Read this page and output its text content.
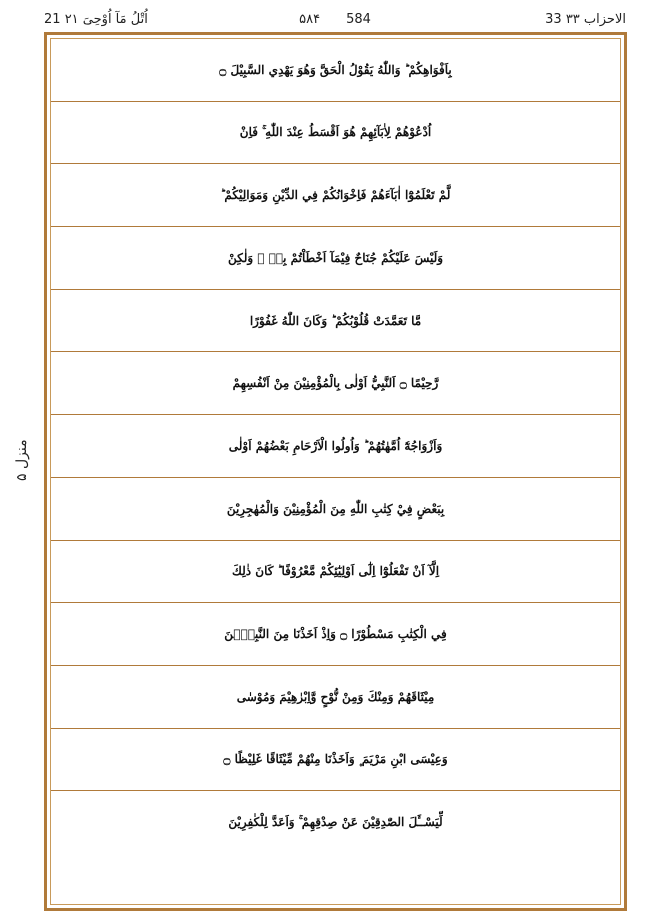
21 اُتْلُ مَآ اُوْحِیَ ۲۱	۵۸۴ 584	33 الاحزاب ۳۳
منزل ۵
بِاَفْوَاهِكُمْ ؕ وَاللّٰهُ يَقُوْلُ الْحَقَّ وَهُوَ يَهْدِي السَّبِيْلَ ۝
اُدْعُوْهُمْ لِاٰبَآئِهِمْ هُوَ اَقْسَطُ عِنْدَ اللّٰهِ ۚ فَاِنْ
لَّمْ تَعْلَمُوْٓا اٰبَآءَهُمْ فَاِخْوَانُكُمْ فِي الدِّيْنِ وَمَوَالِيْكُمْ ؕ
وَلَيْسَ عَلَيْكُمْ جُنَاحٌ فِيْمَآ اَخْطَاْتُمْ بِهٖ ۙ وَلٰكِنْ
مَّا تَعَمَّدَتْ قُلُوْبُكُمْ ؕ وَكَانَ اللّٰهُ غَفُوْرًا
رَّحِيْمًا ۝ اَلنَّبِيُّ اَوْلٰى بِالْمُؤْمِنِيْنَ مِنْ اَنْفُسِهِمْ
وَاَزْوَاجُهٗٓ اُمَّهٰتُهُمْ ؕ وَاُولُوا الْاَرْحَامِ بَعْضُهُمْ اَوْلٰى
بِبَعْضٍ فِيْ كِتٰبِ اللّٰهِ مِنَ الْمُؤْمِنِيْنَ وَالْمُهٰجِرِيْنَ
اِلَّآ اَنْ تَفْعَلُوْٓا اِلٰٓى اَوْلِيٰٓئِكُمْ مَّعْرُوْفًا ؕ كَانَ ذٰلِكَ
فِي الْكِتٰبِ مَسْطُوْرًا ۝ وَاِذْ اَخَذْنَا مِنَ النَّبِيّٖنَ
مِيْثَاقَهُمْ وَمِنْكَ وَمِنْ نُّوْحٍ وَّاِبْرٰهِيْمَ وَمُوْسٰى
وَعِيْسَى ابْنِ مَرْيَمَ ۪ وَاَخَذْنَا مِنْهُمْ مِّيْثَاقًا غَلِيْظًا ۝
لِّيَسْــَٔلَ الصّٰدِقِيْنَ عَنْ صِدْقِهِمْ ۚ وَاَعَدَّ لِلْكٰفِرِيْنَ
